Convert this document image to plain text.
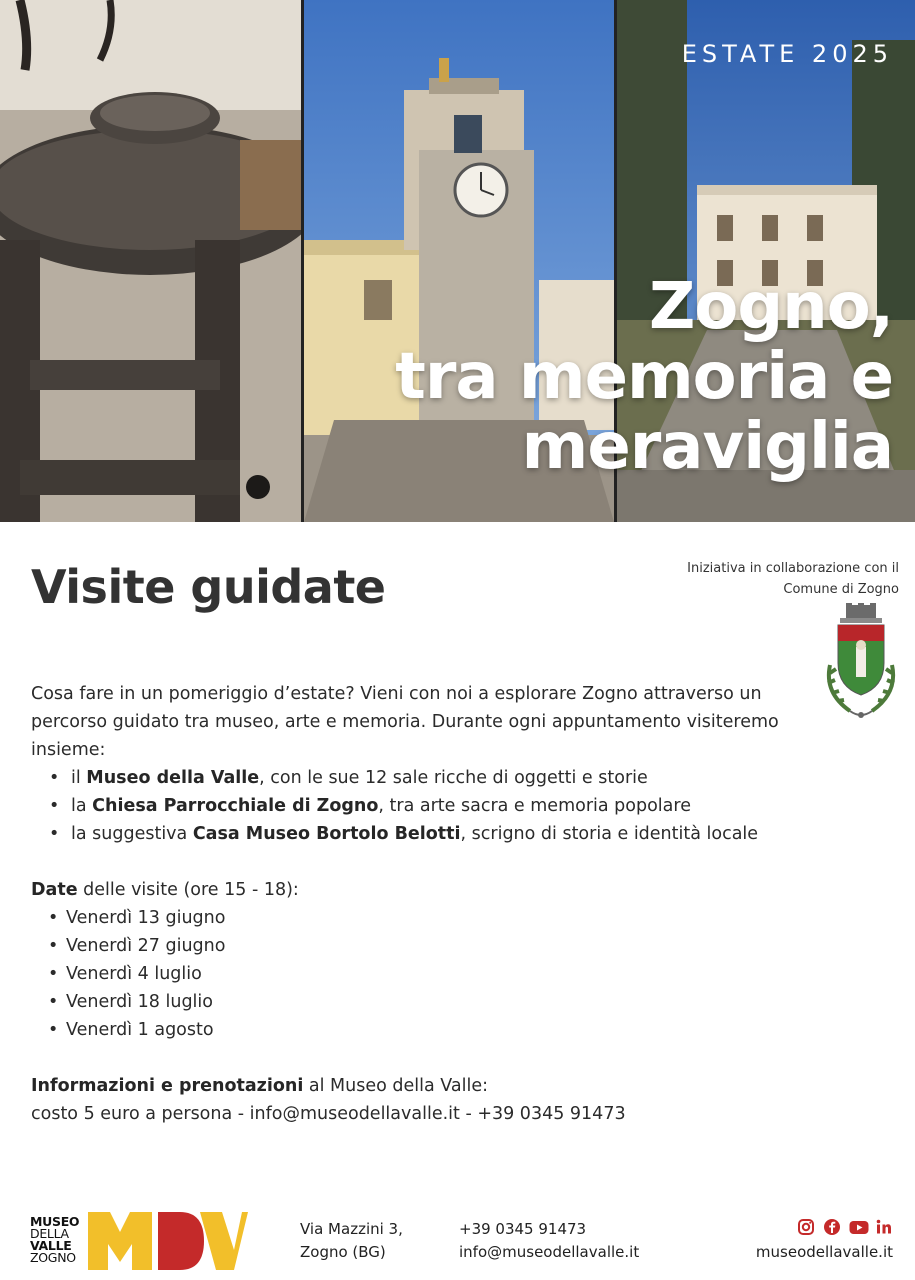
ESTATE 2025
Zogno,
tra memoria e
meraviglia
Visite guidate	Iniziativa in collaborazione con il
Comune di Zogno

Cosa fare in un pomeriggio d’estate? Vieni con noi a esplorare Zogno attraverso un percorso guidato tra museo, arte e memoria. Durante ogni appuntamento visiteremo insieme:

• il Museo della Valle, con le sue 12 sale ricche di oggetti e storie
• la Chiesa Parrocchiale di Zogno, tra arte sacra e memoria popolare
• la suggestiva Casa Museo Bortolo Belotti, scrigno di storia e identità locale

Date delle visite (ore 15 - 18):

• Venerdì 13 giugno
• Venerdì 27 giugno
• Venerdì 4 luglio
• Venerdì 18 luglio
• Venerdì 1 agosto

Informazioni e prenotazioni al Museo della Valle:

costo 5 euro a persona - info@museodellavalle.it - +39 0345 91473

MUSEO
DELLA
VALLE
ZOGNO
Via Mazzini 3,
Zogno (BG)
+39 0345 91473
info@museodellavalle.it	museodellavalle.it
